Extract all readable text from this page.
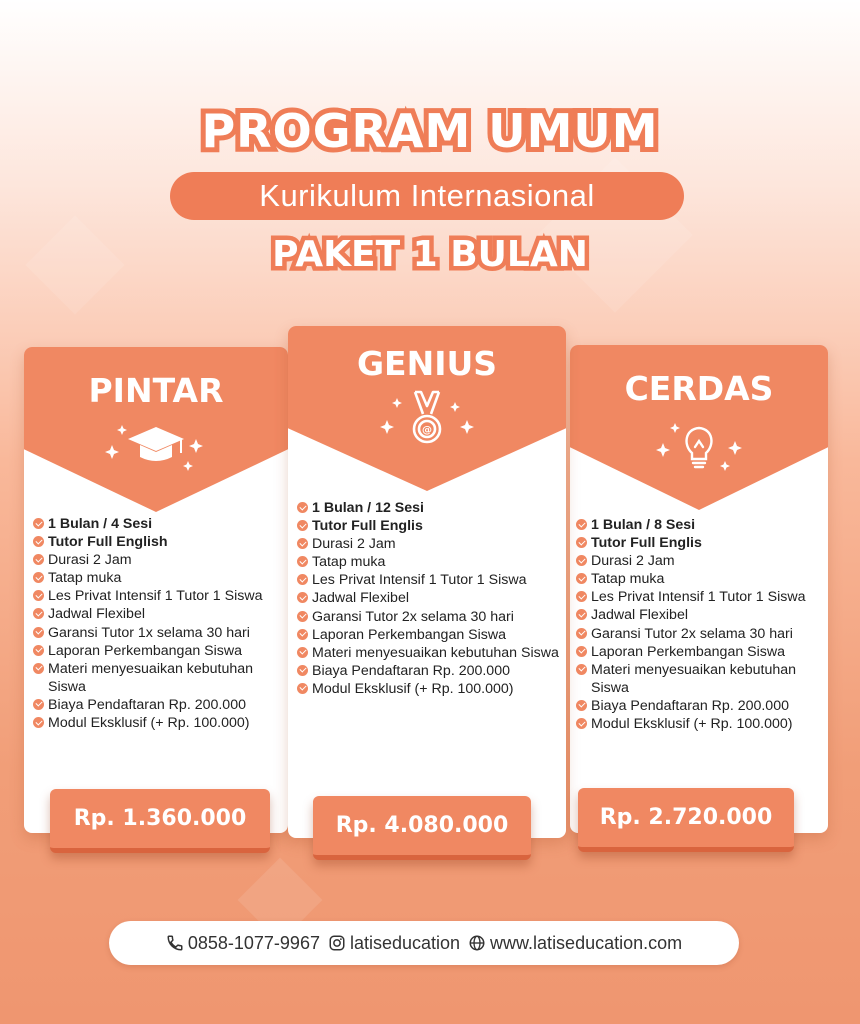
PROGRAM UMUM
Kurikulum Internasional
PAKET 1 BULAN
PINTAR
1 Bulan / 4 Sesi
Tutor Full English
Durasi 2 Jam
Tatap muka
Les Privat Intensif 1 Tutor 1 Siswa
Jadwal Flexibel
Garansi Tutor 1x selama 30 hari
Laporan Perkembangan Siswa
Materi menyesuaikan kebutuhan Siswa
Biaya Pendaftaran Rp. 200.000
Modul Eksklusif (+ Rp. 100.000)
Rp. 1.360.000
CERDAS
1 Bulan / 8 Sesi
Tutor Full Englis
Durasi 2 Jam
Tatap muka
Les Privat Intensif 1 Tutor 1 Siswa
Jadwal Flexibel
Garansi Tutor 2x selama 30 hari
Laporan Perkembangan Siswa
Materi menyesuaikan kebutuhan Siswa
Biaya Pendaftaran Rp. 200.000
Modul Eksklusif (+ Rp. 100.000)
Rp. 2.720.000
GENIUS
@
1 Bulan / 12 Sesi
Tutor Full Englis
Durasi 2 Jam
Tatap muka
Les Privat Intensif 1 Tutor 1 Siswa
Jadwal Flexibel
Garansi Tutor 2x selama 30 hari
Laporan Perkembangan Siswa
Materi menyesuaikan kebutuhan Siswa
Biaya Pendaftaran Rp. 200.000
Modul Eksklusif (+ Rp. 100.000)
Rp. 4.080.000
0858-1077-9967 latiseducation www.latiseducation.com
